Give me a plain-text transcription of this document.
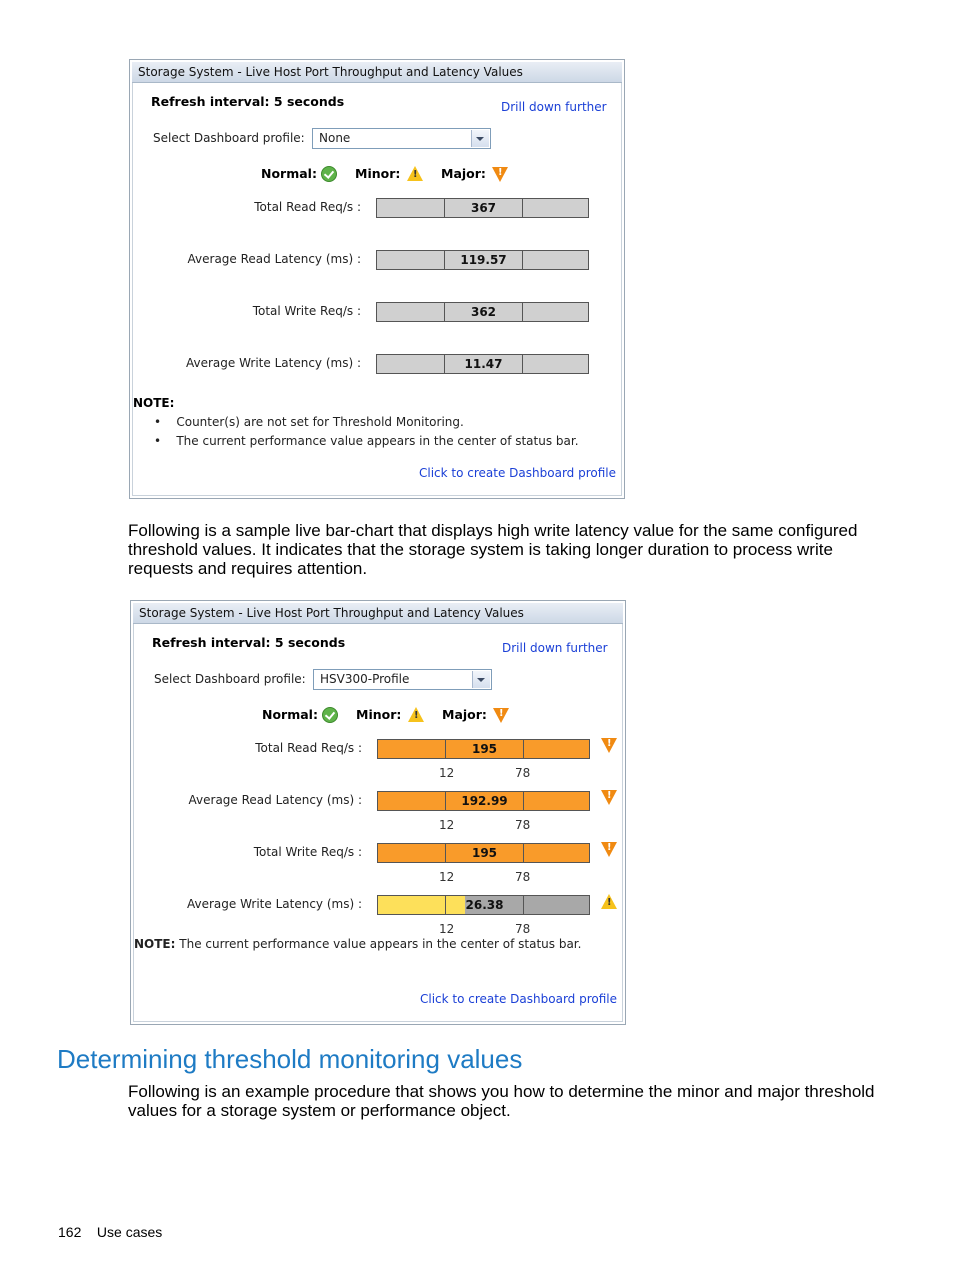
Storage System - Live Host Port Throughput and Latency Values
Refresh interval: 5 seconds	Drill down further
Select Dashboard profile:	None
Normal:	Minor: !	Major:
!
Total Read Req/s :	367
Average Read Latency (ms) :	119.57
Total Write Req/s :	362
Average Write Latency (ms) :	11.47
NOTE:
•    Counter(s) are not set for Threshold Monitoring.
•    The current performance value appears in the center of status bar.
Click to create Dashboard profile
Following is a sample live bar-chart that displays high write latency value for the same configured threshold values. It indicates that the storage system is taking longer duration to process write requests and requires attention.
Storage System - Live Host Port Throughput and Latency Values
Refresh interval: 5 seconds	Drill down further
Select Dashboard profile:	HSV300-Profile
Normal:	Minor: !	Major:
!
Total Read Req/s :	195
!
12	78
Average Read Latency (ms) :	192.99
!
12	78
Total Write Req/s :	195
!
12	78
Average Write Latency (ms) :	26.38
!
12	78
NOTE: The current performance value appears in the center of status bar.
Click to create Dashboard profile
Determining threshold monitoring values
Following is an example procedure that shows you how to determine the minor and major threshold values for a storage system or performance object.
162 Use cases
